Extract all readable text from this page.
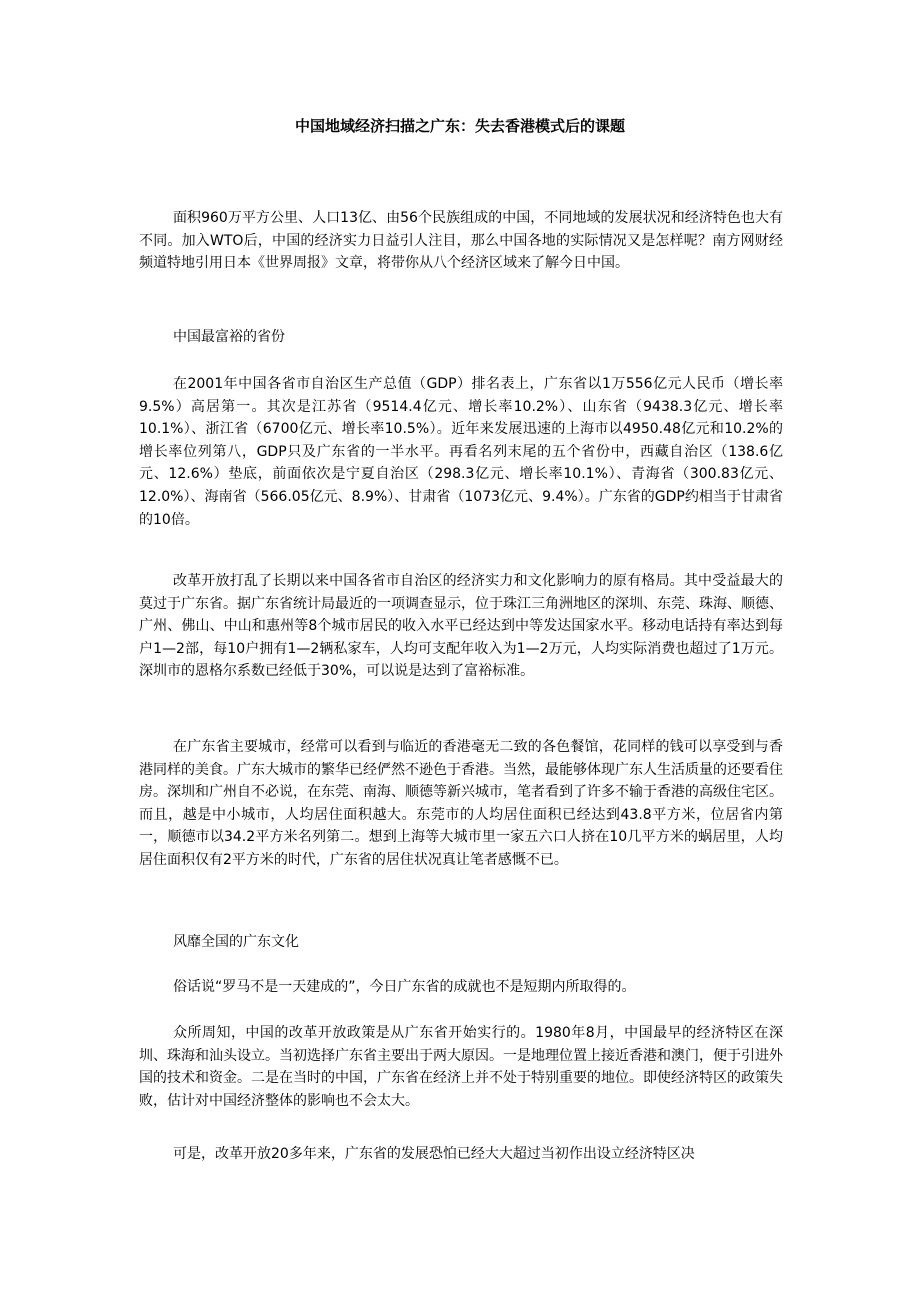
中国地域经济扫描之广东：失去香港模式后的课题

面积960万平方公里、人口13亿、由56个民族组成的中国，不同地域的发展状况和经济特色也大有不同。加入WTO后，中国的经济实力日益引人注目，那么中国各地的实际情况又是怎样呢？南方网财经频道特地引用日本《世界周报》文章，将带你从八个经济区域来了解今日中国。

中国最富裕的省份

在2001年中国各省市自治区生产总值（GDP）排名表上，广东省以1万556亿元人民币（增长率9.5%）高居第一。其次是江苏省（9514.4亿元、增长率10.2%）、山东省（9438.3亿元、增长率10.1%）、浙江省（6700亿元、增长率10.5%）。近年来发展迅速的上海市以4950.48亿元和10.2%的增长率位列第八，GDP只及广东省的一半水平。再看名列末尾的五个省份中，西藏自治区（138.6亿元、12.6%）垫底，前面依次是宁夏自治区（298.3亿元、增长率10.1%）、青海省（300.83亿元、12.0%）、海南省（566.05亿元、8.9%）、甘肃省（1073亿元、9.4%）。广东省的GDP约相当于甘肃省的10倍。

改革开放打乱了长期以来中国各省市自治区的经济实力和文化影响力的原有格局。其中受益最大的莫过于广东省。据广东省统计局最近的一项调查显示，位于珠江三角洲地区的深圳、东莞、珠海、顺德、广州、佛山、中山和惠州等8个城市居民的收入水平已经达到中等发达国家水平。移动电话持有率达到每户1—2部，每10户拥有1—2辆私家车，人均可支配年收入为1—2万元，人均实际消费也超过了1万元。深圳市的恩格尔系数已经低于30%，可以说是达到了富裕标准。

在广东省主要城市，经常可以看到与临近的香港毫无二致的各色餐馆，花同样的钱可以享受到与香港同样的美食。广东大城市的繁华已经俨然不逊色于香港。当然，最能够体现广东人生活质量的还要看住房。深圳和广州自不必说，在东莞、南海、顺德等新兴城市，笔者看到了许多不输于香港的高级住宅区。而且，越是中小城市，人均居住面积越大。东莞市的人均居住面积已经达到43.8平方米，位居省内第一，顺德市以34.2平方米名列第二。想到上海等大城市里一家五六口人挤在10几平方米的蜗居里，人均居住面积仅有2平方米的时代，广东省的居住状况真让笔者感慨不已。

风靡全国的广东文化

俗话说“罗马不是一天建成的”，今日广东省的成就也不是短期内所取得的。

众所周知，中国的改革开放政策是从广东省开始实行的。1980年8月，中国最早的经济特区在深圳、珠海和汕头设立。当初选择广东省主要出于两大原因。一是地理位置上接近香港和澳门，便于引进外国的技术和资金。二是在当时的中国，广东省在经济上并不处于特别重要的地位。即使经济特区的政策失败，估计对中国经济整体的影响也不会太大。

可是，改革开放20多年来，广东省的发展恐怕已经大大超过当初作出设立经济特区决
